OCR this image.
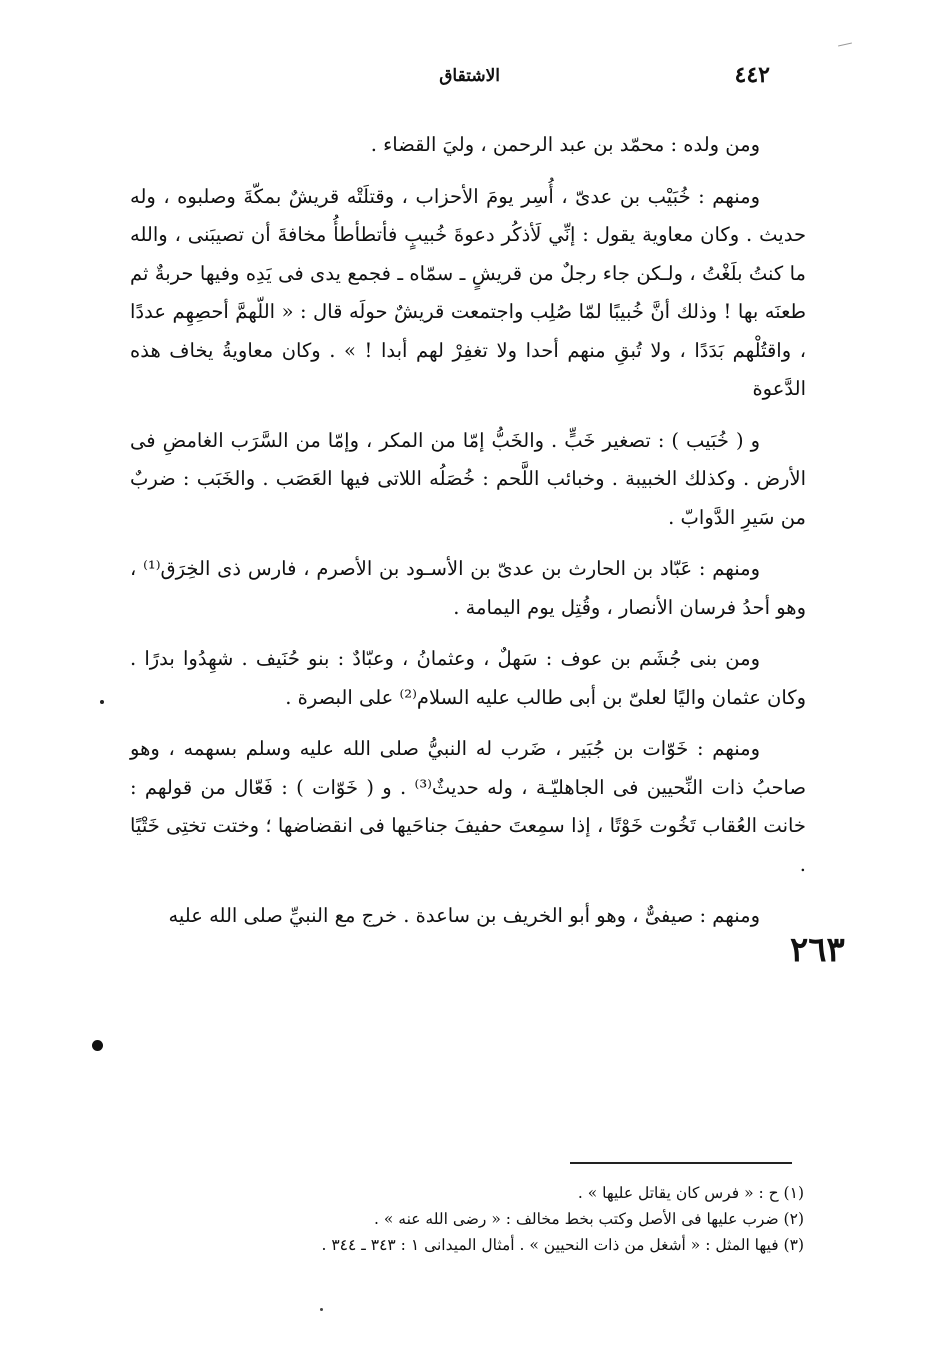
٤٤٢
الاشتقاق

ومن ولده : محمّد بن عبد الرحمن ، وليَ القضاء .

ومنهم : خُبَيْب بن عدىّ ، أُسِر يومَ الأحزاب ، وقتلَتْه قريشٌ بمكّةَ وصلبوه ، وله حديث . وكان معاوية يقول : إنِّي لَأذكُر دعوةَ خُبيبٍ فأتطأطأُ مخافةَ أن تصيبَنى ، والله ما كنتُ بلَغْتُ ، ولـكن جاء رجلٌ من قريشٍ ـ سمّاه ـ فجمع يدى فى يَدِه وفيها حربةٌ ثم طعنَه بها ! وذلك أنَّ خُبيبًا لمّا صُلِب واجتمعت قريشٌ حولَه قال : « اللّهمَّ أحصِهِم عددًا ، واقتُلْهم بَدَدًا ، ولا تُبقِ منهم أحدا ولا تغفِرْ لهم أبدا ! » . وكان معاويةُ يخاف هذه الدَّعوة

و ( خُبَيب ) : تصغير خَبٍّ . والخَبُّ إمّا من المكر ، وإمّا من السَّرَب الغامضِ فى الأرض . وكذلك الخبيبة . وخبائب اللَّحم : خُصَلُه اللاتى فيها العَصَب . والخَبَب : ضربٌ من سَيرِ الدَّوابّ .

ومنهم : عَبّاد بن الحارث بن عدىّ بن الأسـود بن الأصرم ، فارس ذى الخِرَق⁽¹⁾ ، وهو أحدُ فرسان الأنصار ، وقُتِل يوم اليمامة .

ومن بنى جُشَم بن عوف : سَهلٌ ، وعثمانُ ، وعبّادٌ : بنو حُنَيف . شهِدُوا بدرًا . وكان عثمان واليًا لعلىّ بن أبى طالب عليه السلام⁽²⁾ على البصرة .

ومنهم : خَوّات بن جُبَير ، ضَرب له النبيُّ صلى الله عليه وسلم بسهمه ، وهو صاحبُ ذات النِّحيين فى الجاهليّـة ، وله حديثٌ⁽³⁾ . و ( خَوّات ) : فَعّال من قولهم : خانت العُقاب تَخُوت خَوْتًا ، إذا سمِعتَ حفيفَ جناحَيها فى انقضاضها ؛ وختت تختِى خَتْيًا .

ومنهم : صيفىٌّ ، وهو أبو الخريف بن ساعدة . خرج مع النبيِّ صلى الله عليه

٢٦٣

(١) ح : « فرس كان يقاتل عليها » .

(٢) ضرب عليها فى الأصل وكتب بخط مخالف : « رضى الله عنه » .

(٣) فيها المثل : « أشغل من ذات النحيين » . أمثال الميدانى ١ : ٣٤٣ ـ ٣٤٤ .
